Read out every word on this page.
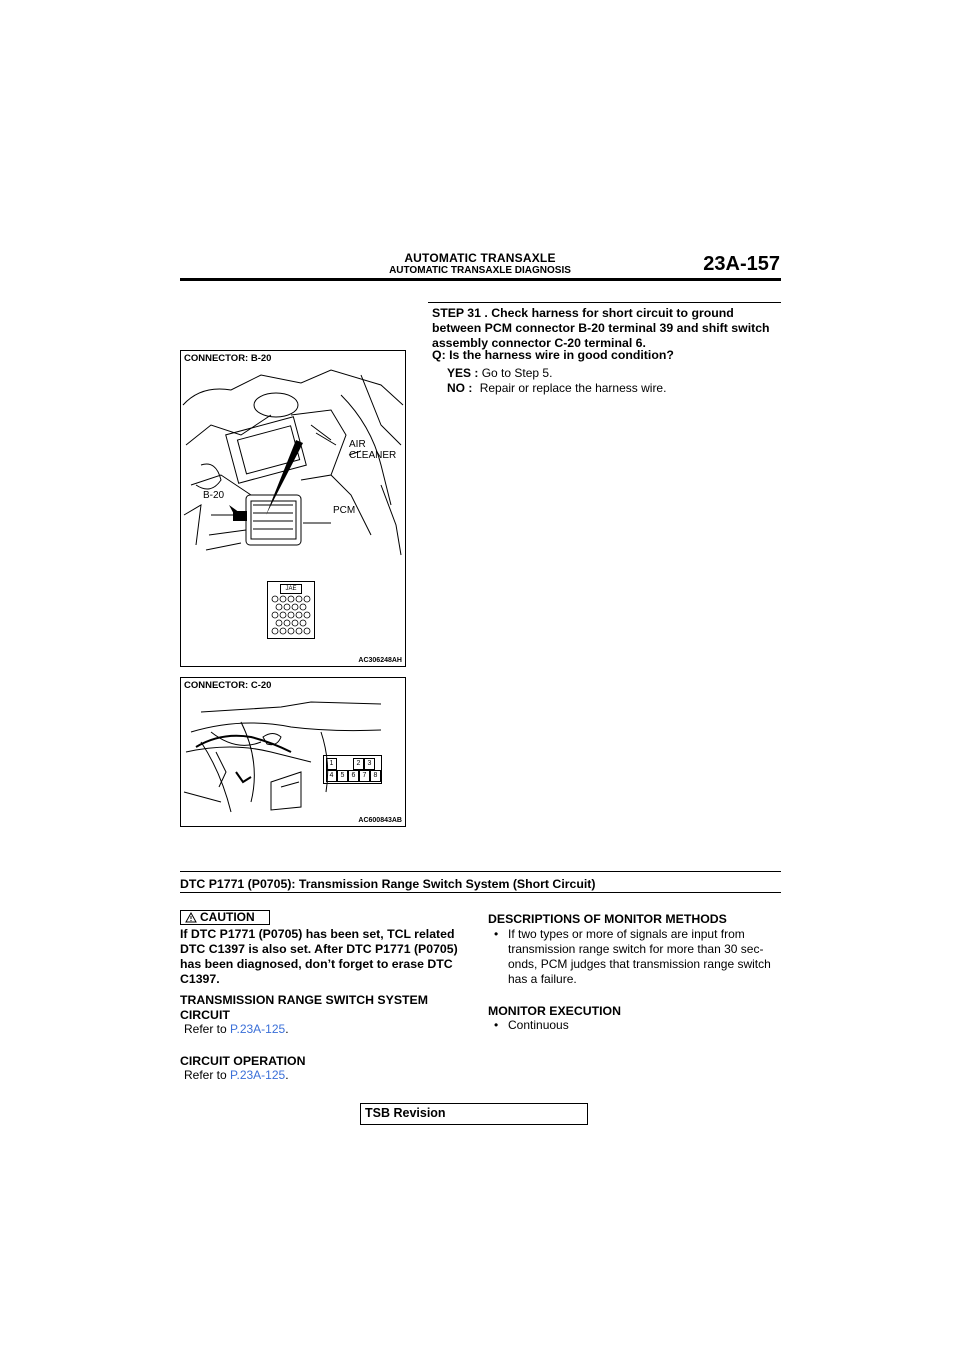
AUTOMATIC TRANSAXLE
AUTOMATIC TRANSAXLE DIAGNOSIS	23A-157
STEP 31 . Check harness for short circuit to ground between PCM connector B-20 terminal 39 and shift switch assembly connector C-20 terminal 6.
Q: Is the harness wire in good condition?
YES : Go to Step 5.
NO : Repair or replace the harness wire.
CONNECTOR: B-20
AIR
CLEANER
B-20
PCM
JAE
AC306248AH
CONNECTOR: C-20
1	2	3
4	5	6	7	8
AC600843AB
DTC P1771 (P0705): Transmission Range Switch System (Short Circuit)
CAUTION
If DTC P1771 (P0705) has been set, TCL related DTC C1397 is also set. After DTC P1771 (P0705) has been diagnosed, don’t forget to erase DTC C1397.
TRANSMISSION RANGE SWITCH SYSTEM CIRCUIT
Refer to P.23A-125.
CIRCUIT OPERATION
Refer to P.23A-125.
DESCRIPTIONS OF MONITOR METHODS
• If two types or more of signals are input from transmission range switch for more than 30 sec-onds, PCM judges that transmission range switch has a failure.
MONITOR EXECUTION
• Continuous
TSB Revision
